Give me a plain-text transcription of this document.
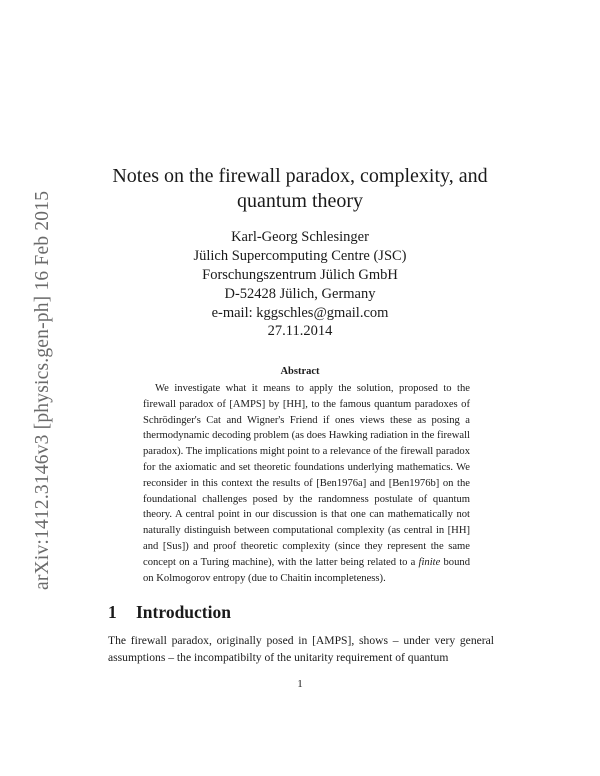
arXiv:1412.3146v3 [physics.gen-ph] 16 Feb 2015
Notes on the firewall paradox, complexity, and
quantum theory
Karl-Georg Schlesinger
Jülich Supercomputing Centre (JSC)
Forschungszentrum Jülich GmbH
D-52428 Jülich, Germany
e-mail: kggschles@gmail.com
27.11.2014
Abstract

We investigate what it means to apply the solution, proposed to the firewall paradox of [AMPS] by [HH], to the famous quantum paradoxes of Schrödinger's Cat and Wigner's Friend if ones views these as posing a thermodynamic decoding problem (as does Hawking radiation in the firewall paradox). The implications might point to a relevance of the firewall paradox for the axiomatic and set theoretic foundations underlying mathematics. We reconsider in this context the results of [Ben1976a] and [Ben1976b] on the foundational challenges posed by the randomness postulate of quantum theory. A central point in our discussion is that one can mathematically not naturally distinguish between computational complexity (as central in [HH] and [Sus]) and proof theoretic complexity (since they represent the same concept on a Turing machine), with the latter being related to a finite bound on Kolmogorov entropy (due to Chaitin incompleteness).

1 Introduction

The firewall paradox, originally posed in [AMPS], shows – under very general assumptions – the incompatibilty of the unitarity requirement of quantum

1
